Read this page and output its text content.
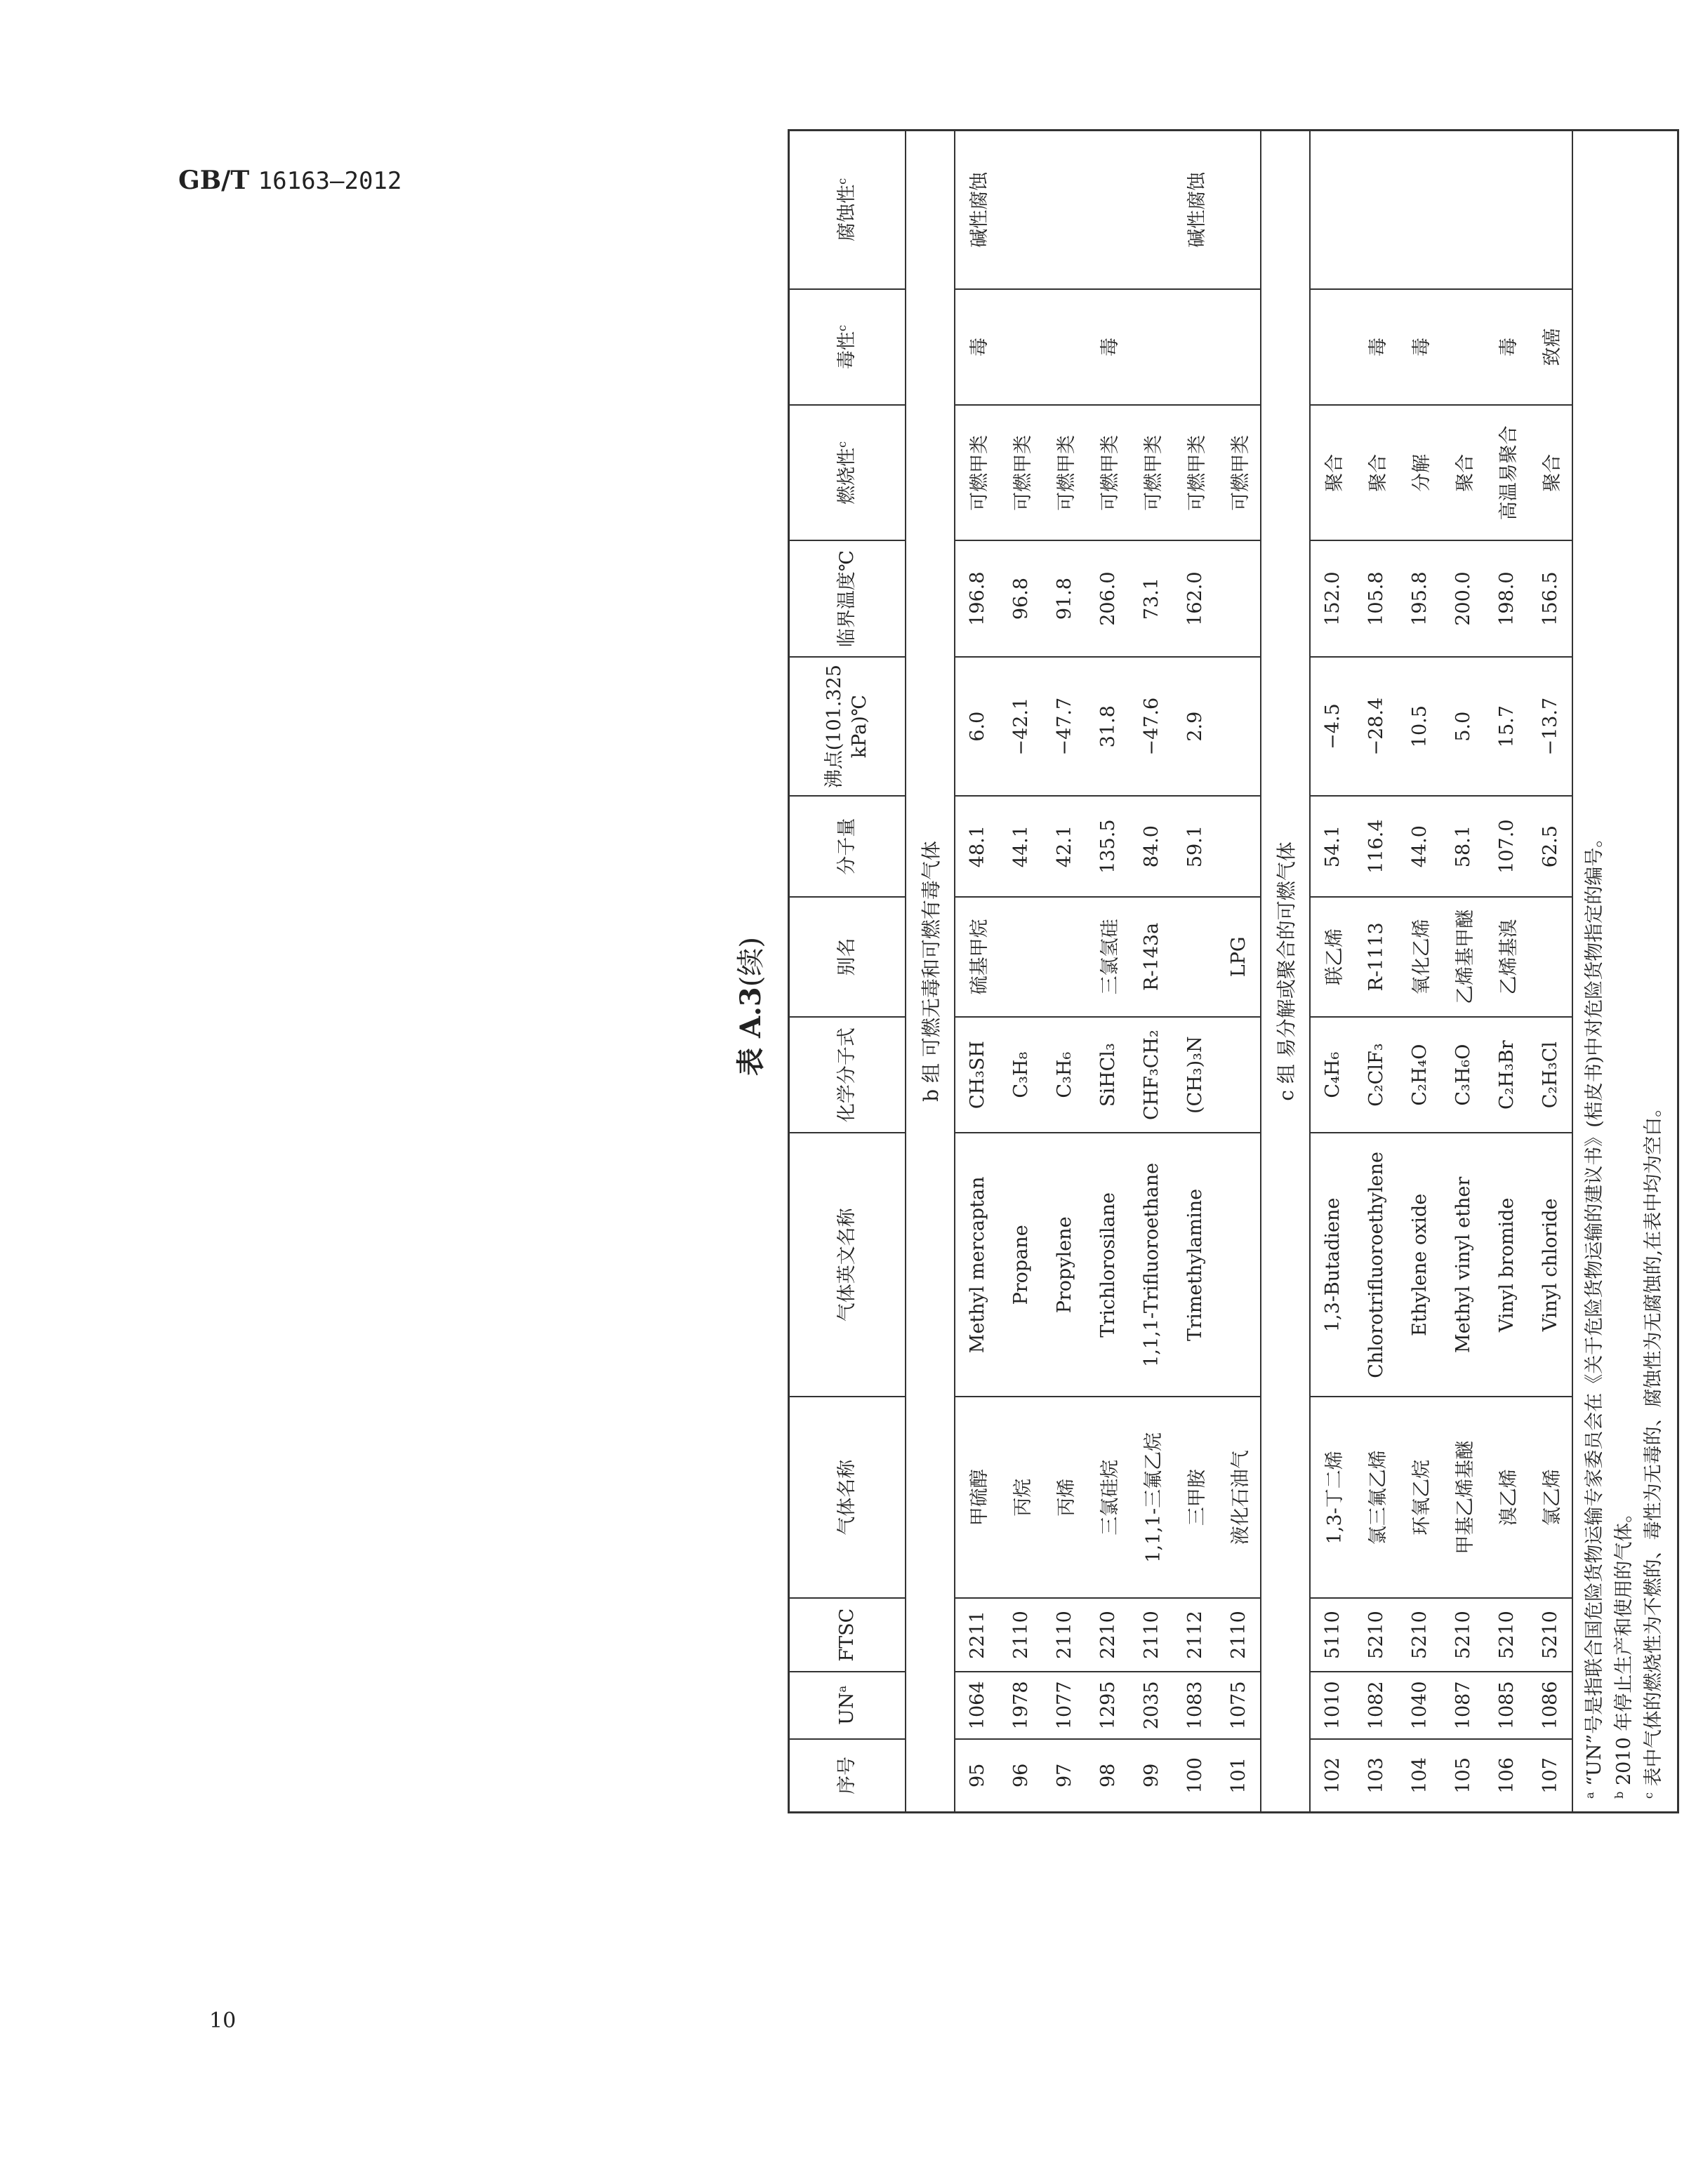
GB/T 16163—2012
10
表 A.3(续)
序号	$UN^a$	FTSC	气体名称	气体英文名称	化学分子式	别名	分子量	沸点(101.325 kPa)℃	临界温度℃	燃烧性$^c$	毒性$^c$	腐蚀性$^c$
b 组 可燃无毒和可燃有毒气体												
95	1064	2211	甲硫醇	Methyl mercaptan	CH₃SH	硫基甲烷	48.1	6.0	196.8	可燃甲类	毒	碱性腐蚀
96	1978	2110	丙烷	Propane	C₃H₈		44.1	−42.1	96.8	可燃甲类		
97	1077	2110	丙烯	Propylene	C₃H₆		42.1	−47.7	91.8	可燃甲类		
98	1295	2210	三氯硅烷	Trichlorosilane	SiHCl₃	三氯氢硅	135.5	31.8	206.0	可燃甲类	毒	
99	2035	2110	1,1,1-三氟乙烷	1,1,1-Trifluoroethane	CHF₃CH₂	R-143a	84.0	−47.6	73.1	可燃甲类		
100	1083	2112	三甲胺	Trimethylamine	(CH₃)₃N		59.1	2.9	162.0	可燃甲类		碱性腐蚀
101	1075	2110	液化石油气			LPG				可燃甲类		
c 组 易分解或聚合的可燃气体												
102	1010	5110	1,3-丁二烯	1,3-Butadiene	C₄H₆	联乙烯	54.1	−4.5	152.0	聚合		
103	1082	5210	氯三氟乙烯	Chlorotrifluoroethylene	C₂ClF₃	R-1113	116.4	−28.4	105.8	聚合	毒	
104	1040	5210	环氧乙烷	Ethylene oxide	C₂H₄O	氧化乙烯	44.0	10.5	195.8	分解	毒	
105	1087	5210	甲基乙烯基醚	Methyl vinyl ether	C₃H₆O	乙烯基甲醚	58.1	5.0	200.0	聚合		
106	1085	5210	溴乙烯	Vinyl bromide	C₂H₃Br	乙烯基溴	107.0	15.7	198.0	高温易聚合	毒	
107	1086	5210	氯乙烯	Vinyl chloride	C₂H₃Cl		62.5	−13.7	156.5	聚合	致癌	

$^a$ “UN”号是指联合国危险货物运输专家委员会在《关于危险货物运输的建议书》(桔皮书)中对危险货物指定的编号。
$^b$ 2010 年停止生产和使用的气体。
$^c$ 表中气体的燃烧性为不燃的、毒性为无毒的、腐蚀性为无腐蚀的,在表中均为空白。												
